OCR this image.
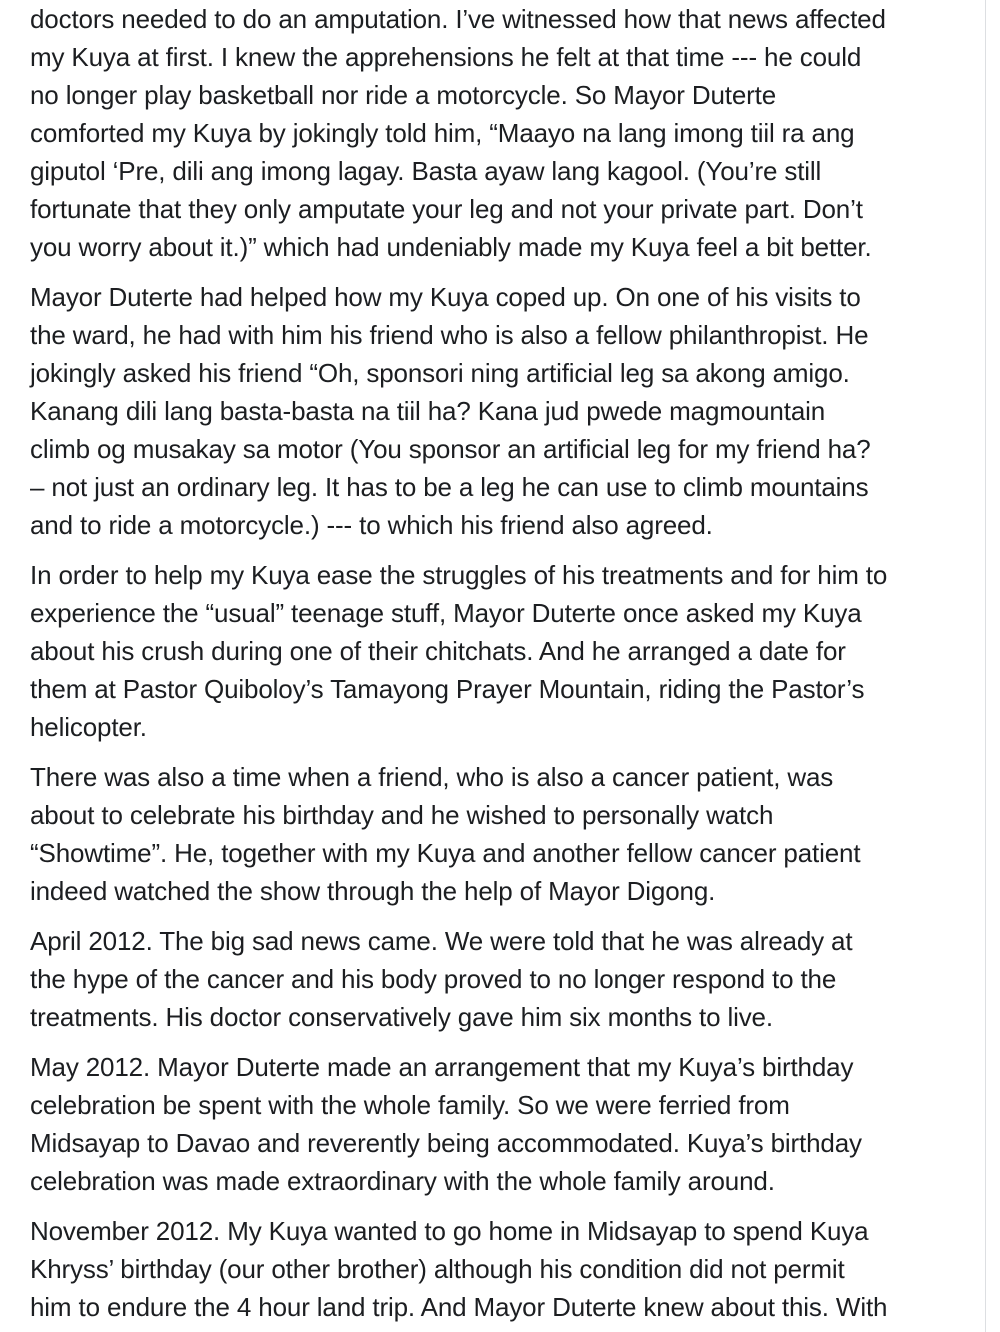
doctors needed to do an amputation. I’ve witnessed how that news affected
my Kuya at first. I knew the apprehensions he felt at that time --- he could
no longer play basketball nor ride a motorcycle. So Mayor Duterte
comforted my Kuya by jokingly told him, “Maayo na lang imong tiil ra ang
giputol ‘Pre, dili ang imong lagay. Basta ayaw lang kagool. (You’re still
fortunate that they only amputate your leg and not your private part. Don’t
you worry about it.)” which had undeniably made my Kuya feel a bit better.

Mayor Duterte had helped how my Kuya coped up. On one of his visits to
the ward, he had with him his friend who is also a fellow philanthropist. He
jokingly asked his friend “Oh, sponsori ning artificial leg sa akong amigo.
Kanang dili lang basta-basta na tiil ha? Kana jud pwede magmountain
climb og musakay sa motor (You sponsor an artificial leg for my friend ha?
– not just an ordinary leg. It has to be a leg he can use to climb mountains
and to ride a motorcycle.) --- to which his friend also agreed.

In order to help my Kuya ease the struggles of his treatments and for him to
experience the “usual” teenage stuff, Mayor Duterte once asked my Kuya
about his crush during one of their chitchats. And he arranged a date for
them at Pastor Quiboloy’s Tamayong Prayer Mountain, riding the Pastor’s
helicopter.

There was also a time when a friend, who is also a cancer patient, was
about to celebrate his birthday and he wished to personally watch
“Showtime”. He, together with my Kuya and another fellow cancer patient
indeed watched the show through the help of Mayor Digong.

April 2012. The big sad news came. We were told that he was already at
the hype of the cancer and his body proved to no longer respond to the
treatments. His doctor conservatively gave him six months to live.

May 2012. Mayor Duterte made an arrangement that my Kuya’s birthday
celebration be spent with the whole family. So we were ferried from
Midsayap to Davao and reverently being accommodated. Kuya’s birthday
celebration was made extraordinary with the whole family around.

November 2012. My Kuya wanted to go home in Midsayap to spend Kuya
Khryss’ birthday (our other brother) although his condition did not permit
him to endure the 4 hour land trip. And Mayor Duterte knew about this. With
